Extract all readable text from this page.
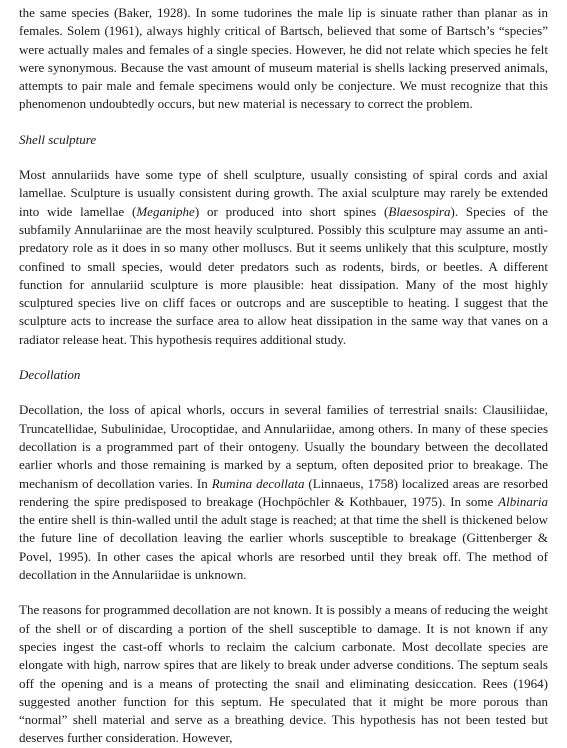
the same species (Baker, 1928). In some tudorines the male lip is sinuate rather than planar as in females. Solem (1961), always highly critical of Bartsch, believed that some of Bartsch’s “species” were actually males and females of a single species. However, he did not relate which species he felt were synonymous. Because the vast amount of museum material is shells lacking preserved animals, attempts to pair male and female specimens would only be conjecture. We must recognize that this phenomenon undoubtedly occurs, but new material is necessary to correct the problem.

Shell sculpture

Most annulariids have some type of shell sculpture, usually consisting of spiral cords and axial lamellae. Sculpture is usually consistent during growth. The axial sculpture may rarely be extended into wide lamellae (Meganiphe) or produced into short spines (Blaesospira). Species of the subfamily Annulariinae are the most heavily sculptured. Possibly this sculpture may assume an anti-predatory role as it does in so many other molluscs. But it seems unlikely that this sculpture, mostly confined to small species, would deter predators such as rodents, birds, or beetles. A different function for annulariid sculpture is more plausible: heat dissipation. Many of the most highly sculptured species live on cliff faces or outcrops and are susceptible to heating. I suggest that the sculpture acts to increase the surface area to allow heat dissipation in the same way that vanes on a radiator release heat. This hypothesis requires additional study.

Decollation

Decollation, the loss of apical whorls, occurs in several families of terrestrial snails: Clausiliidae, Truncatellidae, Subulinidae, Urocoptidae, and Annulariidae, among others. In many of these species decollation is a programmed part of their ontogeny. Usually the boundary between the decollated earlier whorls and those remaining is marked by a septum, often deposited prior to breakage. The mechanism of decollation varies. In Rumina decollata (Linnaeus, 1758) localized areas are resorbed rendering the spire predisposed to breakage (Hochpöchler & Kothbauer, 1975). In some Albinaria the entire shell is thin-walled until the adult stage is reached; at that time the shell is thickened below the future line of decollation leaving the earlier whorls susceptible to breakage (Gittenberger & Povel, 1995). In other cases the apical whorls are resorbed until they break off. The method of decollation in the Annulariidae is unknown.

The reasons for programmed decollation are not known. It is possibly a means of reducing the weight of the shell or of discarding a portion of the shell susceptible to damage. It is not known if any species ingest the cast-off whorls to reclaim the calcium carbonate. Most decollate species are elongate with high, narrow spires that are likely to break under adverse conditions. The septum seals off the opening and is a means of protecting the snail and eliminating desiccation. Rees (1964) suggested another function for this septum. He speculated that it might be more porous than “normal” shell material and serve as a breathing device. This hypothesis has not been tested but deserves further consideration. However,
